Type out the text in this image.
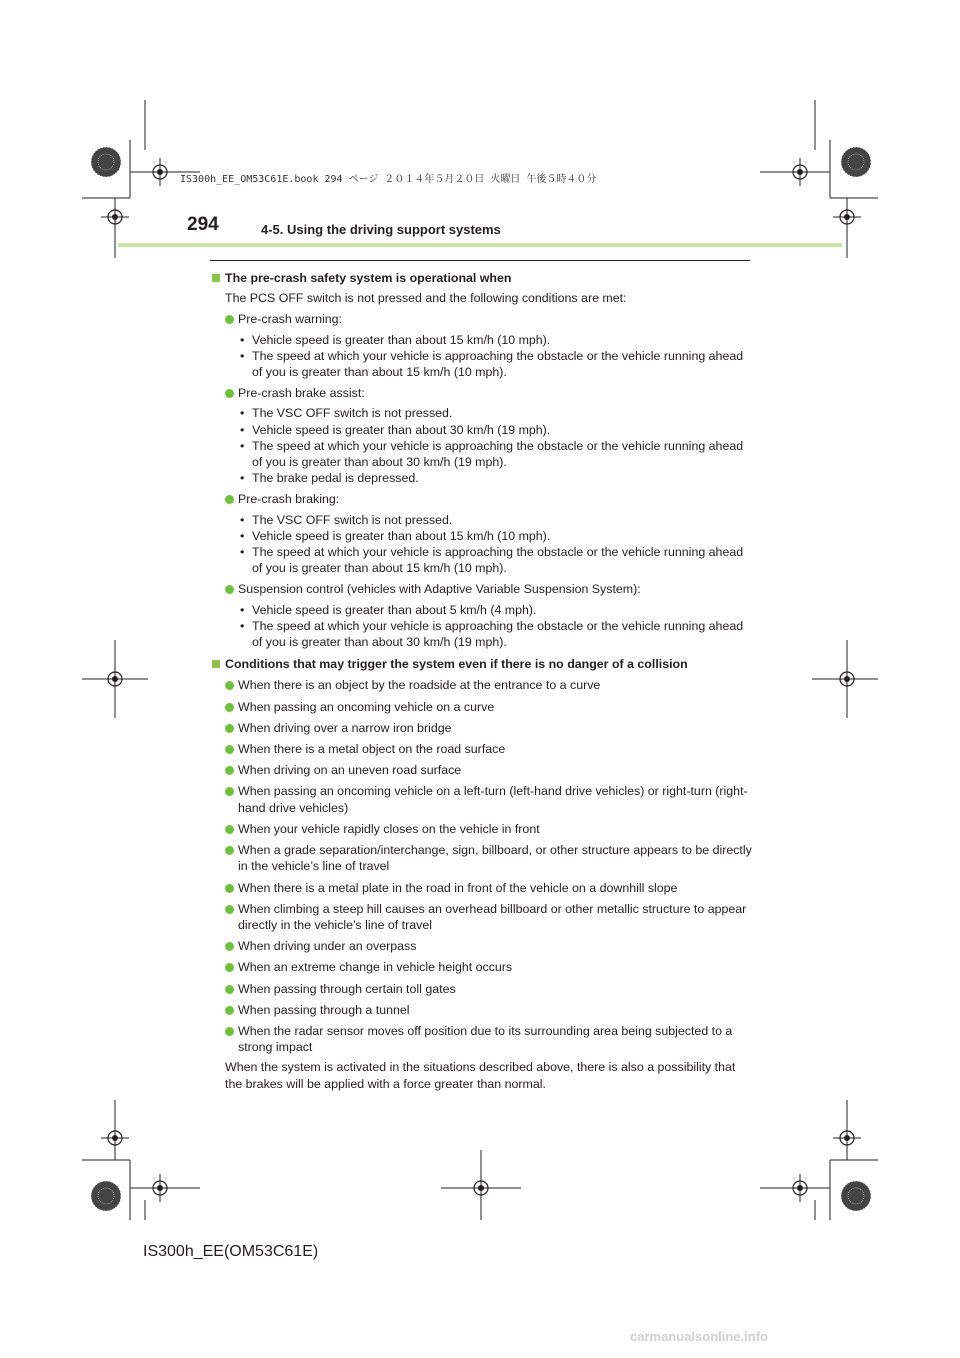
IS300h_EE_OM53C61E.book 294 ページ ２０１４年５月２０日 火曜日 午後５時４０分
294	4-5. Using the driving support systems
The pre-crash safety system is operational when
The PCS OFF switch is not pressed and the following conditions are met:
Pre-crash warning:
• Vehicle speed is greater than about 15 km/h (10 mph).
• The speed at which your vehicle is approaching the obstacle or the vehicle running ahead of you is greater than about 15 km/h (10 mph).
Pre-crash brake assist:
• The VSC OFF switch is not pressed.
• Vehicle speed is greater than about 30 km/h (19 mph).
• The speed at which your vehicle is approaching the obstacle or the vehicle running ahead of you is greater than about 30 km/h (19 mph).
• The brake pedal is depressed.
Pre-crash braking:
• The VSC OFF switch is not pressed.
• Vehicle speed is greater than about 15 km/h (10 mph).
• The speed at which your vehicle is approaching the obstacle or the vehicle running ahead of you is greater than about 15 km/h (10 mph).
Suspension control (vehicles with Adaptive Variable Suspension System):
• Vehicle speed is greater than about 5 km/h (4 mph).
• The speed at which your vehicle is approaching the obstacle or the vehicle running ahead of you is greater than about 30 km/h (19 mph).
Conditions that may trigger the system even if there is no danger of a collision
When there is an object by the roadside at the entrance to a curve
When passing an oncoming vehicle on a curve
When driving over a narrow iron bridge
When there is a metal object on the road surface
When driving on an uneven road surface
When passing an oncoming vehicle on a left-turn (left-hand drive vehicles) or right-turn (right-hand drive vehicles)
When your vehicle rapidly closes on the vehicle in front
When a grade separation/interchange, sign, billboard, or other structure appears to be directly in the vehicle’s line of travel
When there is a metal plate in the road in front of the vehicle on a downhill slope
When climbing a steep hill causes an overhead billboard or other metallic structure to appear directly in the vehicle’s line of travel
When driving under an overpass
When an extreme change in vehicle height occurs
When passing through certain toll gates
When passing through a tunnel
When the radar sensor moves off position due to its surrounding area being subjected to a strong impact
When the system is activated in the situations described above, there is also a possibility that the brakes will be applied with a force greater than normal.
IS300h_EE(OM53C61E)
carmanualsonline.info
